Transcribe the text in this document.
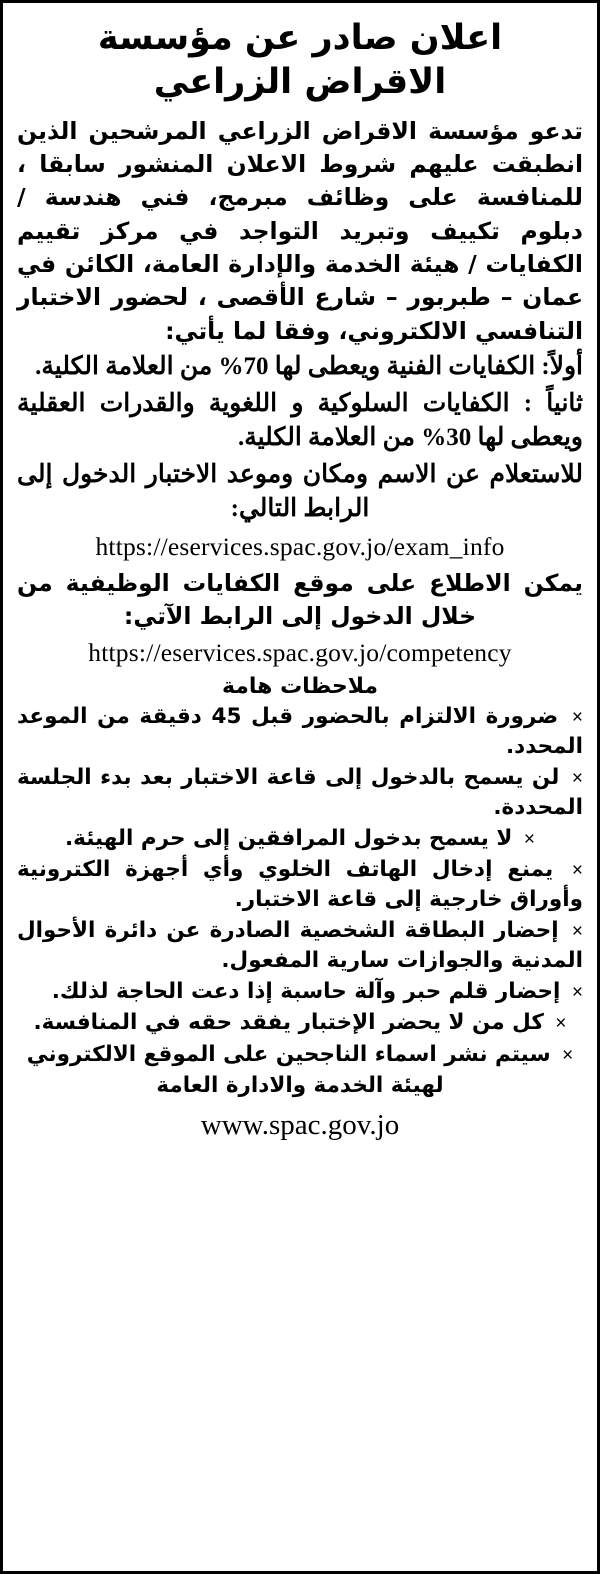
اعلان صادر عن مؤسسة
الاقراض الزراعي

تدعو مؤسسة الاقراض الزراعي المرشحين الذين انطبقت عليهم شروط الاعلان المنشور سابقا ، للمنافسة على وظائف مبرمج، فني هندسة / دبلوم تكييف وتبريد التواجد في مركز تقييم الكفايات / هيئة الخدمة والإدارة العامة، الكائن في عمان – طبربور – شارع الأقصى ، لحضور الاختبار التنافسي الالكتروني، وفقا لما يأتي:

أولاً: الكفايات الفنية ويعطى لها 70% من العلامة الكلية.

ثانياً : الكفايات السلوكية و اللغوية والقدرات العقلية ويعطى لها 30% من العلامة الكلية.

للاستعلام عن الاسم ومكان وموعد الاختبار الدخول إلى الرابط التالي:

https://eservices.spac.gov.jo/exam_info

يمكن الاطلاع على موقع الكفايات الوظيفية من خلال الدخول إلى الرابط الآتي:

https://eservices.spac.gov.jo/competency
ملاحظات هامة
× ضرورة الالتزام بالحضور قبل 45 دقيقة من الموعد المحدد.
× لن يسمح بالدخول إلى قاعة الاختبار بعد بدء الجلسة المحددة.
× لا يسمح بدخول المرافقين إلى حرم الهيئة.
× يمنع إدخال الهاتف الخلوي وأي أجهزة الكترونية وأوراق خارجية إلى قاعة الاختبار.
× إحضار البطاقة الشخصية الصادرة عن دائرة الأحوال المدنية والجوازات سارية المفعول.
× إحضار قلم حبر وآلة حاسبة إذا دعت الحاجة لذلك.
× كل من لا يحضر الإختبار يفقد حقه في المنافسة.
× سيتم نشر اسماء الناجحين على الموقع الالكتروني
لهيئة الخدمة والادارة العامة
www.spac.gov.jo
